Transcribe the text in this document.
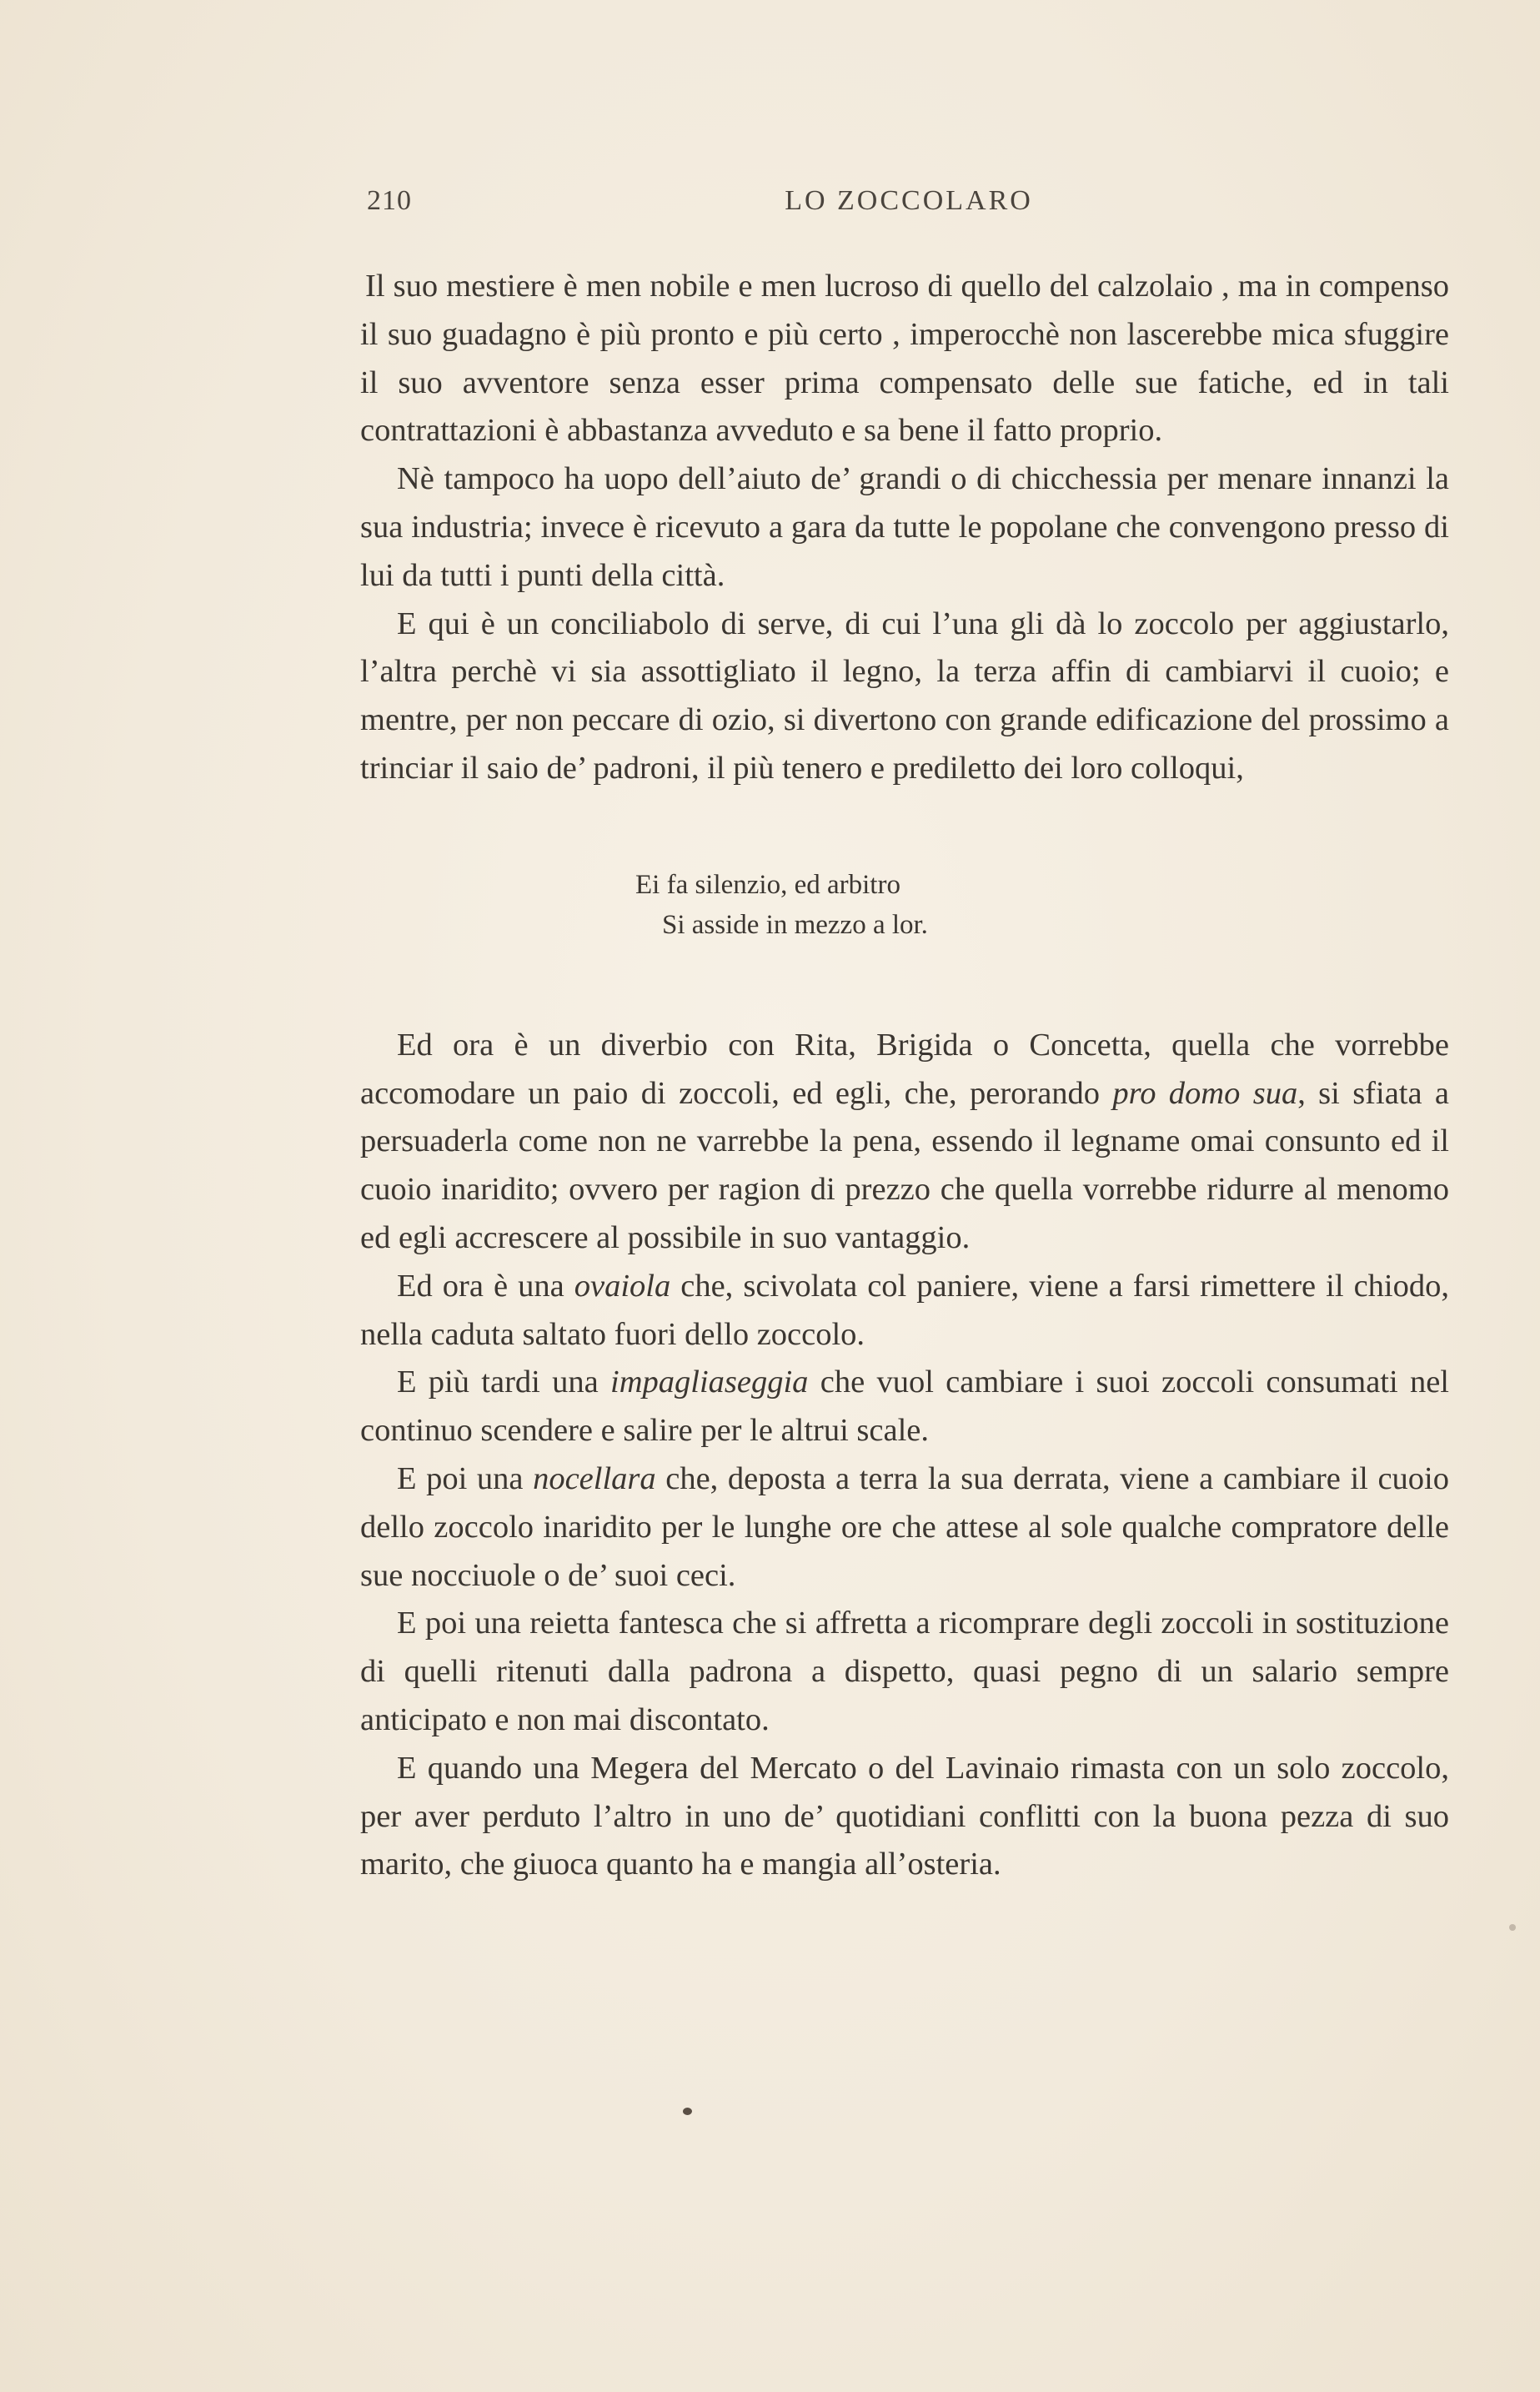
210	LO ZOCCOLARO

Il suo mestiere è men nobile e men lucroso di quello del calzolaio , ma in compenso il suo guadagno è più pronto e più certo , imperocchè non lascerebbe mica sfuggire il suo avventore senza esser prima compensato delle sue fatiche, ed in tali contrattazioni è abbastanza avveduto e sa bene il fatto proprio.

Nè tampoco ha uopo dell’aiuto de’ grandi o di chicchessia per menare innanzi la sua industria; invece è ricevuto a gara da tutte le popolane che convengono presso di lui da tutti i punti della città.

E qui è un conciliabolo di serve, di cui l’una gli dà lo zoccolo per aggiustarlo, l’altra perchè vi sia assottigliato il legno, la terza affin di cambiarvi il cuoio; e mentre, per non peccare di ozio, si divertono con grande edificazione del prossimo a trinciar il saio de’ padroni, il più tenero e prediletto dei loro colloqui,

Ei fa silenzio, ed arbitro
Si asside in mezzo a lor.

Ed ora è un diverbio con Rita, Brigida o Concetta, quella che vorrebbe accomodare un paio di zoccoli, ed egli, che, perorando pro domo sua, si sfiata a persuaderla come non ne varrebbe la pena, essendo il legname omai consunto ed il cuoio inaridito; ovvero per ragion di prezzo che quella vorrebbe ridurre al menomo ed egli accrescere al possibile in suo vantaggio.

Ed ora è una ovaiola che, scivolata col paniere, viene a farsi rimettere il chiodo, nella caduta saltato fuori dello zoccolo.

E più tardi una impagliaseggia che vuol cambiare i suoi zoccoli consumati nel continuo scendere e salire per le altrui scale.

E poi una nocellara che, deposta a terra la sua derrata, viene a cambiare il cuoio dello zoccolo inaridito per le lunghe ore che attese al sole qualche compratore delle sue nocciuole o de’ suoi ceci.

E poi una reietta fantesca che si affretta a ricomprare degli zoccoli in sostituzione di quelli ritenuti dalla padrona a dispetto, quasi pegno di un salario sempre anticipato e non mai discontato.

E quando una Megera del Mercato o del Lavinaio rimasta con un solo zoccolo, per aver perduto l’altro in uno de’ quotidiani conflitti con la buona pezza di suo marito, che giuoca quanto ha e mangia all’osteria.
